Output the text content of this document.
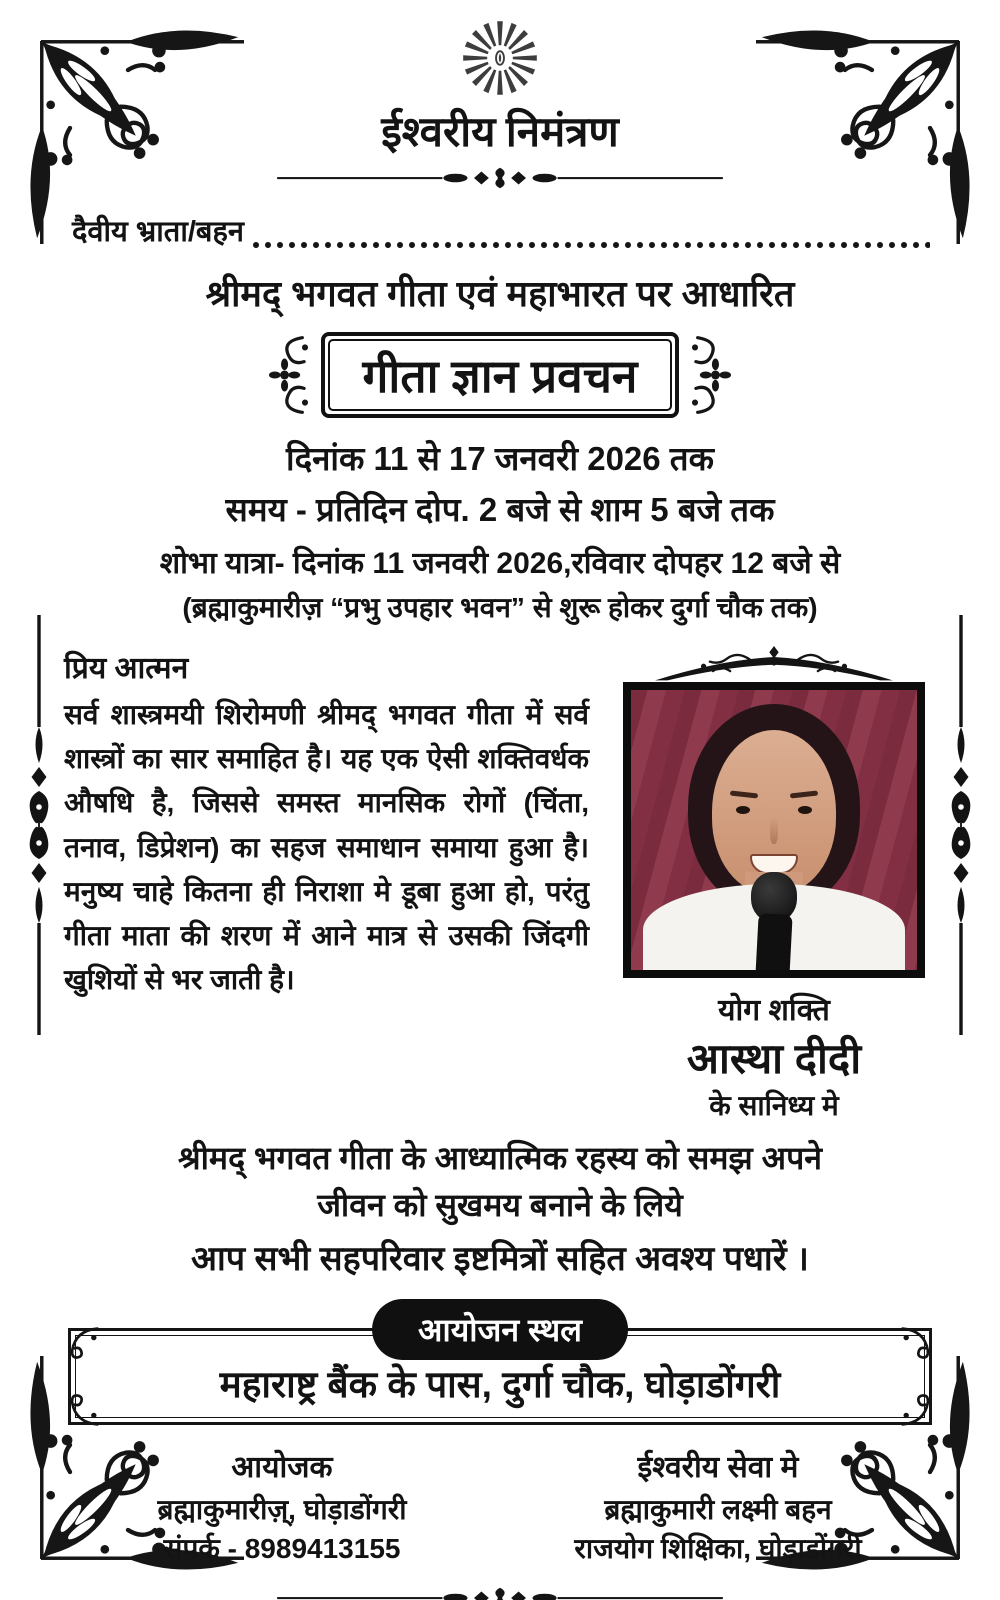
ईश्वरीय निमंत्रण
दैवीय भ्राता/बहन
श्रीमद् भगवत गीता एवं महाभारत पर आधारित
गीता ज्ञान प्रवचन
दिनांक 11 से 17 जनवरी 2026 तक
समय - प्रतिदिन दोप. 2 बजे से शाम 5 बजे तक
शोभा यात्रा- दिनांक 11 जनवरी 2026,रविवार दोपहर 12 बजे से
(ब्रह्माकुमारीज़ “प्रभु उपहार भवन” से शुरू होकर दुर्गा चौक तक)
प्रिय आत्मन
सर्व शास्त्रमयी शिरोमणी श्रीमद् भगवत गीता में सर्व शास्त्रों का सार समाहित है। यह एक ऐसी शक्तिवर्धक औषधि है, जिससे समस्त मानसिक रोगों (चिंता, तनाव, डिप्रेशन) का सहज समाधान समाया हुआ है। मनुष्य चाहे कितना ही निराशा मे डूबा हुआ हो, परंतु गीता माता की शरण में आने मात्र से उसकी जिंदगी खुशियों से भर जाती है।
योग शक्ति
आस्था दीदी
के सानिध्य मे
श्रीमद् भगवत गीता के आध्यात्मिक रहस्य को समझ अपने
जीवन को सुखमय बनाने के लिये
आप सभी सहपरिवार इष्टमित्रों सहित अवश्य पधारें ।
आयोजन स्थल
महाराष्ट्र बैंक के पास, दुर्गा चौक, घोड़ाडोंगरी
आयोजक
ब्रह्माकुमारीज़्, घोड़ाडोंगरी
संपर्क - 8989413155
ईश्वरीय सेवा मे
ब्रह्माकुमारी लक्ष्मी बहन
राजयोग शिक्षिका, घोड़ाडोंगरी
